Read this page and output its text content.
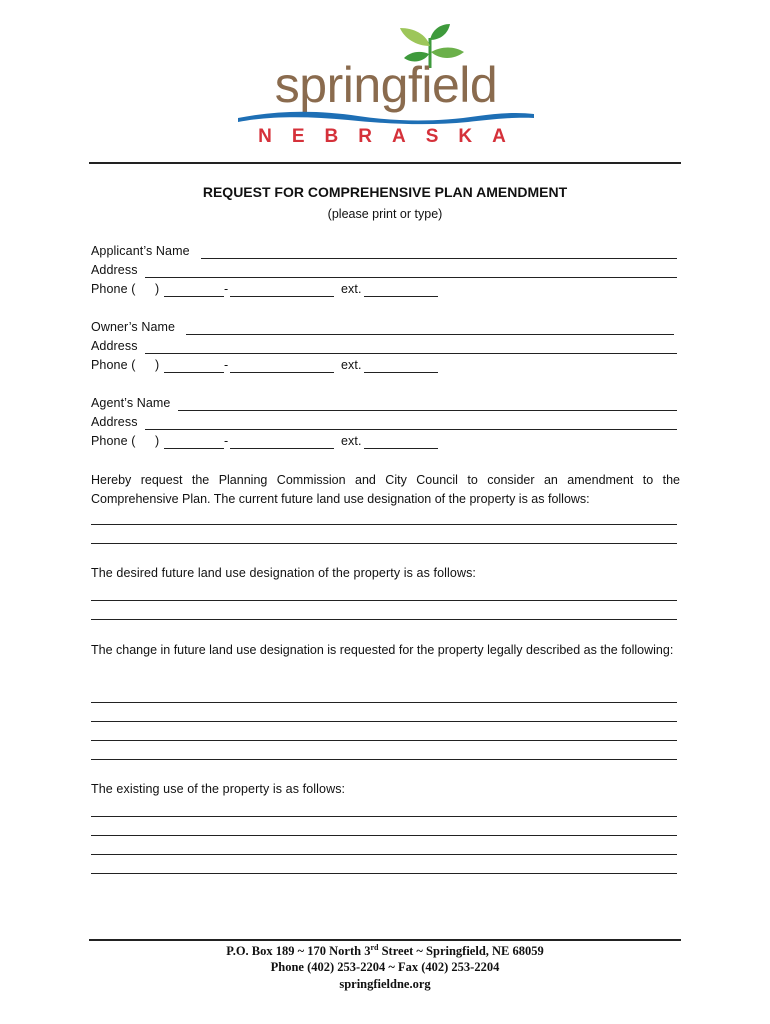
springfield
NEBRASKA
REQUEST FOR COMPREHENSIVE PLAN AMENDMENT
(please print or type)
Applicant’s Name
Address
Phone ( )	-	ext.
Owner’s Name
Address
Phone ( )	-	ext.
Agent’s Name
Address
Phone ( )	-	ext.
Hereby request the Planning Commission and City Council to consider an amendment to the Comprehensive Plan. The current future land use designation of the property is as follows:
The desired future land use designation of the property is as follows:
The change in future land use designation is requested for the property legally described as the following:
The existing use of the property is as follows:
P.O. Box 189 ~ 170 North 3rd Street ~ Springfield, NE 68059
Phone (402) 253-2204 ~ Fax (402) 253-2204
springfieldne.org
